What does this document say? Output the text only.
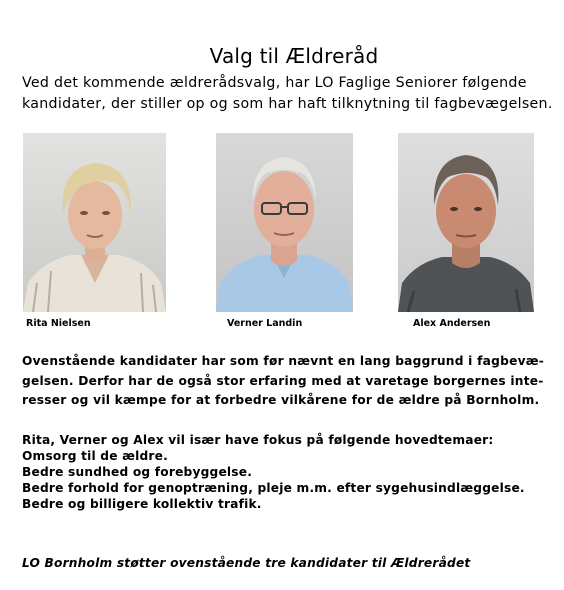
Valg til Ældreråd
Ved det kommende ældrerådsvalg, har LO Faglige Seniorer følgende
kandidater, der stiller op og som har haft tilknytning til fagbevægelsen.
Rita Nielsen	Verner Landin	Alex Andersen
Ovenstående kandidater har som før nævnt en lang baggrund i fagbevæ-
gelsen. Derfor har de også stor erfaring med at varetage borgernes inte-
resser og vil kæmpe for at forbedre vilkårene for de ældre på Bornholm.
Rita, Verner og Alex vil især have fokus på følgende hovedtemaer:
Omsorg til de ældre.
Bedre sundhed og forebyggelse.
Bedre forhold for genoptræning, pleje m.m. efter sygehusindlæggelse.
Bedre og billigere kollektiv trafik.
LO Bornholm støtter ovenstående tre kandidater til Ældrerådet
